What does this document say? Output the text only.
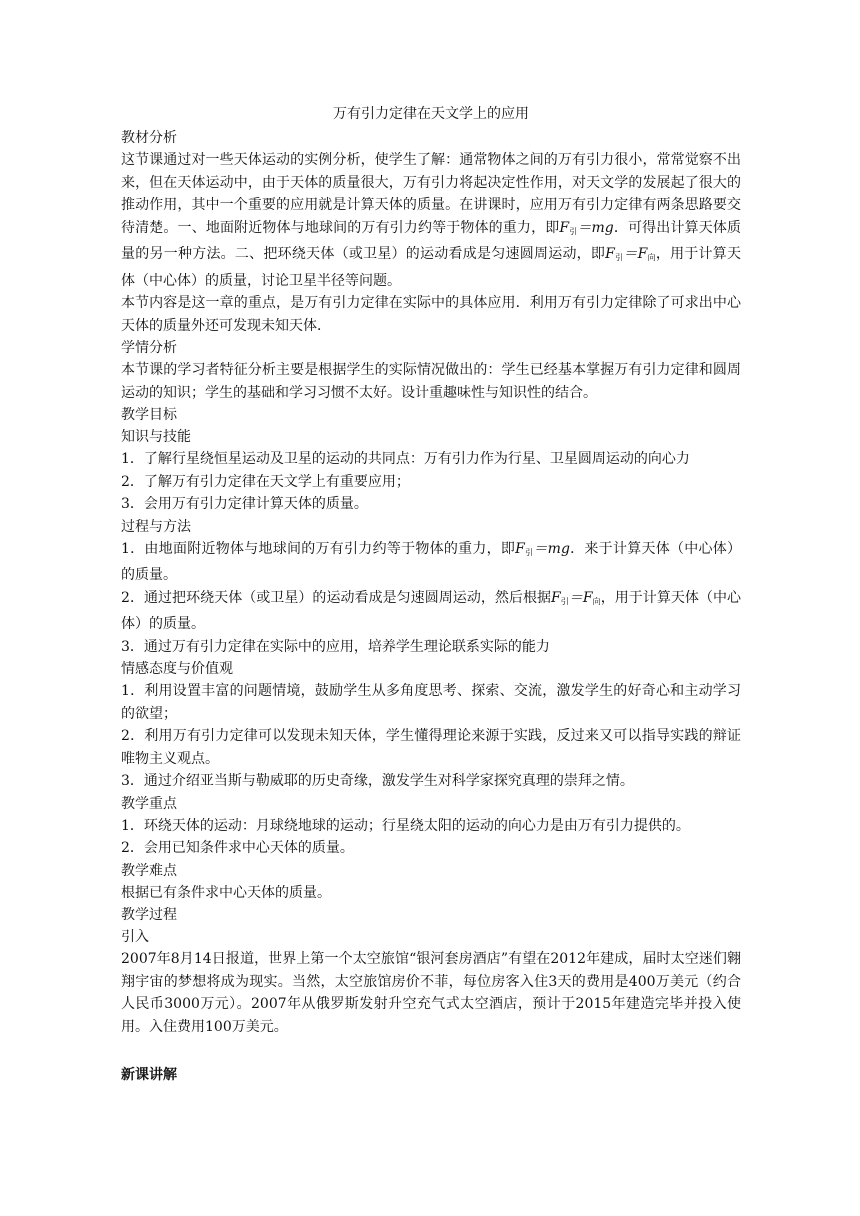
万有引力定律在天文学上的应用

教材分析

这节课通过对一些天体运动的实例分析，使学生了解：通常物体之间的万有引力很小，常常觉察不出来，但在天体运动中，由于天体的质量很大，万有引力将起决定性作用，对天文学的发展起了很大的推动作用，其中一个重要的应用就是计算天体的质量。在讲课时，应用万有引力定律有两条思路要交待清楚。一、地面附近物体与地球间的万有引力约等于物体的重力，即$F_引=mg$．可得出计算天体质量的另一种方法。二、把环绕天体（或卫星）的运动看成是匀速圆周运动，即$F_引=F_向$，用于计算天体（中心体）的质量，讨论卫星半径等问题。

本节内容是这一章的重点，是万有引力定律在实际中的具体应用．利用万有引力定律除了可求出中心天体的质量外还可发现未知天体．

学情分析

本节课的学习者特征分析主要是根据学生的实际情况做出的：学生已经基本掌握万有引力定律和圆周运动的知识；学生的基础和学习习惯不太好。设计重趣味性与知识性的结合。

教学目标

知识与技能

1．了解行星绕恒星运动及卫星的运动的共同点：万有引力作为行星、卫星圆周运动的向心力

2．了解万有引力定律在天文学上有重要应用；

3．会用万有引力定律计算天体的质量。

过程与方法

1．由地面附近物体与地球间的万有引力约等于物体的重力，即$F_引=mg$．来于计算天体（中心体）的质量。

2．通过把环绕天体（或卫星）的运动看成是匀速圆周运动，然后根据$F_引=F_向$，用于计算天体（中心体）的质量。

3．通过万有引力定律在实际中的应用，培养学生理论联系实际的能力

情感态度与价值观

1．利用设置丰富的问题情境，鼓励学生从多角度思考、探索、交流，激发学生的好奇心和主动学习的欲望；

2．利用万有引力定律可以发现未知天体，学生懂得理论来源于实践，反过来又可以指导实践的辩证唯物主义观点。

3．通过介绍亚当斯与勒威耶的历史奇缘，激发学生对科学家探究真理的崇拜之情。

教学重点

1．环绕天体的运动：月球绕地球的运动；行星绕太阳的运动的向心力是由万有引力提供的。

2．会用已知条件求中心天体的质量。

教学难点

根据已有条件求中心天体的质量。

教学过程

引入

2007年8月14日报道，世界上第一个太空旅馆“银河套房酒店”有望在2012年建成，届时太空迷们翱翔宇宙的梦想将成为现实。当然，太空旅馆房价不菲，每位房客入住3天的费用是400万美元（约合人民币3000万元）。2007年从俄罗斯发射升空充气式太空酒店，预计于2015年建造完毕并投入使用。入住费用100万美元。

新课讲解
